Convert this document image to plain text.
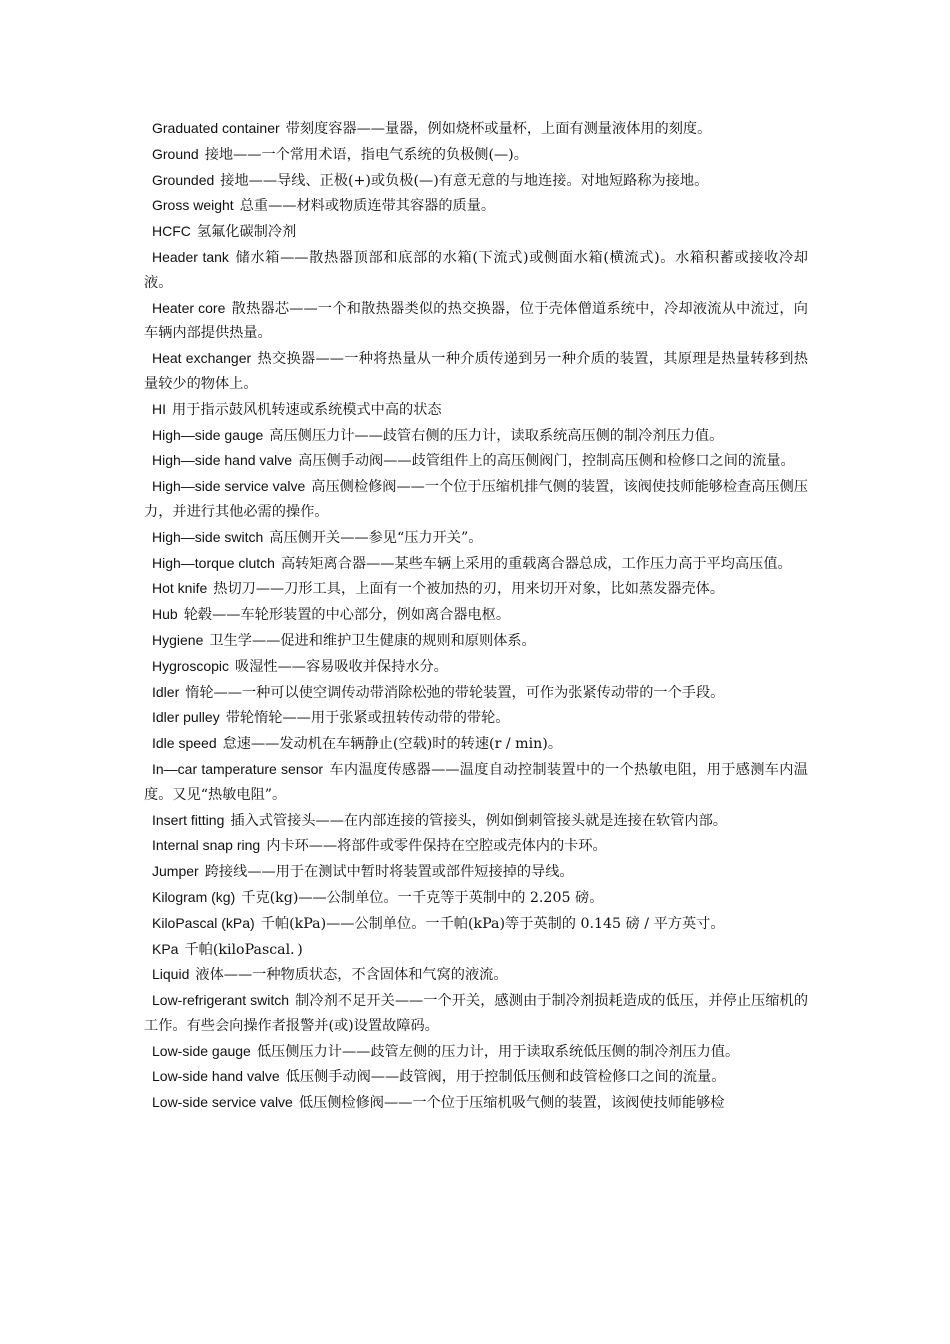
Graduated container 带刻度容器——量器，例如烧杯或量杯，上面有测量液体用的刻度。

Ground 接地——一个常用术语，指电气系统的负极侧(—)。

Grounded 接地——导线、正极(+)或负极(—)有意无意的与地连接。对地短路称为接地。

Gross weight 总重——材料或物质连带其容器的质量。

HCFC 氢氟化碳制冷剂

Header tank 储水箱——散热器顶部和底部的水箱(下流式)或侧面水箱(横流式)。水箱积蓄或接收冷却液。

Heater core 散热器芯——一个和散热器类似的热交换器，位于壳体僧道系统中，冷却液流从中流过，向车辆内部提供热量。

Heat exchanger 热交换器——一种将热量从一种介质传递到另一种介质的装置，其原理是热量转移到热量较少的物体上。

HI 用于指示鼓风机转速或系统模式中高的状态

High—side gauge 高压侧压力计——歧管右侧的压力计，读取系统高压侧的制冷剂压力值。

High—side hand valve 高压侧手动阀——歧管组件上的高压侧阀门，控制高压侧和检修口之间的流量。

High—side service valve 高压侧检修阀——一个位于压缩机排气侧的装置，该阀使技师能够检查高压侧压力，并进行其他必需的操作。

High—side switch 高压侧开关——参见“压力开关”。

High—torque clutch 高转矩离合器——某些车辆上采用的重载离合器总成，工作压力高于平均高压值。

Hot knife 热切刀——刀形工具，上面有一个被加热的刃，用来切开对象，比如蒸发器壳体。

Hub 轮毂——车轮形装置的中心部分，例如离合器电枢。

Hygiene 卫生学——促进和维护卫生健康的规则和原则体系。

Hygroscopic 吸湿性——容易吸收并保持水分。

Idler 惰轮——一种可以使空调传动带消除松弛的带轮装置，可作为张紧传动带的一个手段。

Idler pulley 带轮惰轮——用于张紧或扭转传动带的带轮。

Idle speed 怠速——发动机在车辆静止(空载)时的转速(r / min)。

In—car tamperature sensor 车内温度传感器——温度自动控制装置中的一个热敏电阻，用于感测车内温度。又见“热敏电阻”。

Insert fitting 插入式管接头——在内部连接的管接头，例如倒刺管接头就是连接在软管内部。

Internal snap ring 内卡环——将部件或零件保持在空腔或壳体内的卡环。

Jumper 跨接线——用于在测试中暂时将装置或部件短接掉的导线。

Kilogram (kg) 千克(kg)——公制单位。一千克等于英制中的 2.205 磅。

KiloPascal (kPa) 千帕(kPa)——公制单位。一千帕(kPa)等于英制的 0.145 磅 / 平方英寸。

KPa 千帕(kiloPascal．)

Liquid 液体——一种物质状态，不含固体和气窝的液流。

Low-refrigerant switch 制冷剂不足开关——一个开关，感测由于制冷剂损耗造成的低压，并停止压缩机的工作。有些会向操作者报警并(或)设置故障码。

Low-side gauge 低压侧压力计——歧管左侧的压力计，用于读取系统低压侧的制冷剂压力值。

Low-side hand valve 低压侧手动阀——歧管阀，用于控制低压侧和歧管检修口之间的流量。

Low-side service valve 低压侧检修阀——一个位于压缩机吸气侧的装置，该阀使技师能够检
